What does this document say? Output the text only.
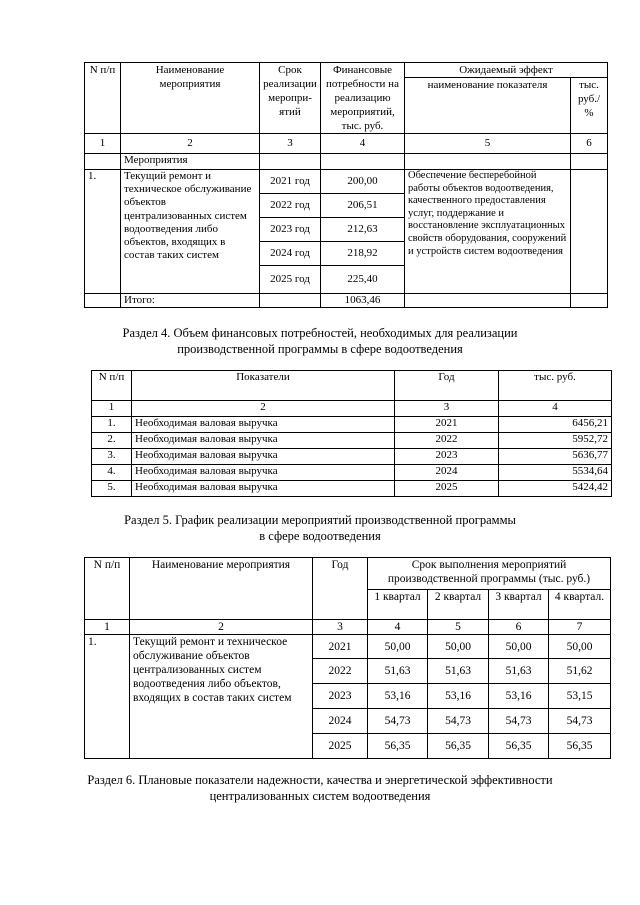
N п/п	Наименование мероприятия	Срок реализации меропри-ятий	Финансовые потребности на реализацию мероприятий, тыс. руб.	Ожидаемый эффект	
				наименование показателя	тыс. руб./ %
1	2	3	4	5	6
	Мероприятия				
1.	Текущий ремонт и техническое обслуживание объектов централизованных систем водоотведения либо объектов, входящих в состав таких систем	2021 год	200,00	Обеспечение бесперебойной работы объектов водоотведения, качественного предоставления услуг, поддержание и восстановление эксплуатационных свойств оборудования, сооружений и устройств систем водоотведения	
		2022 год	206,51		
		2023 год	212,63		
		2024 год	218,92		
		2025 год	225,40		
	Итого:		1063,46		
Раздел 4. Объем финансовых потребностей, необходимых для реализации
производственной программы в сфере водоотведения
N п/п	Показатели	Год	тыс. руб.
1	2	3	4
1.	Необходимая валовая выручка	2021	6456,21
2.	Необходимая валовая выручка	2022	5952,72
3.	Необходимая валовая выручка	2023	5636,77
4.	Необходимая валовая выручка	2024	5534,64
5.	Необходимая валовая выручка	2025	5424,42
Раздел 5. График реализации мероприятий производственной программы
в сфере водоотведения
N п/п	Наименование мероприятия	Год	Срок выполнения мероприятий производственной программы (тыс. руб.)			
			1 квартал	2 квартал	3 квартал	4 квартал.
1	2	3	4	5	6	7
1.	Текущий ремонт и техническое обслуживание объектов централизованных систем водоотведения либо объектов, входящих в состав таких систем	2021	50,00	50,00	50,00	50,00
		2022	51,63	51,63	51,63	51,62
		2023	53,16	53,16	53,16	53,15
		2024	54,73	54,73	54,73	54,73
		2025	56,35	56,35	56,35	56,35
Раздел 6. Плановые показатели надежности, качества и энергетической эффективности
централизованных систем водоотведения
